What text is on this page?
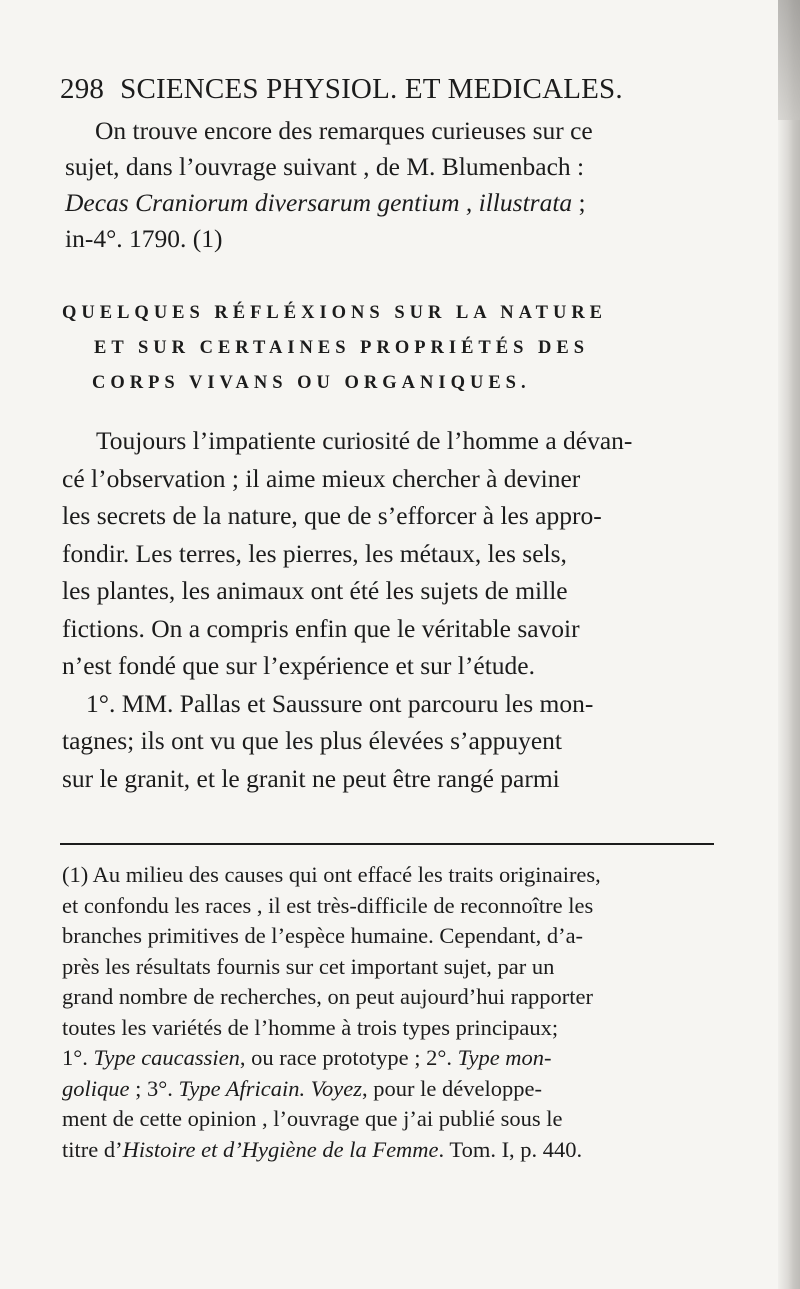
298 SCIENCES PHYSIOL. ET MEDICALES.
On trouve encore des remarques curieuses sur ce
sujet, dans l’ouvrage suivant , de M. Blumenbach :
Decas Craniorum diversarum gentium , illustrata ;
in-4°. 1790. (1)
QUELQUES RÉFLÉXIONS SUR LA NATURE
ET SUR CERTAINES PROPRIÉTÉS DES
CORPS VIVANS OU ORGANIQUES.
Toujours l’impatiente curiosité de l’homme a dévan-
cé l’observation ; il aime mieux chercher à deviner
les secrets de la nature, que de s’efforcer à les appro-
fondir. Les terres, les pierres, les métaux, les sels,
les plantes, les animaux ont été les sujets de mille
fictions. On a compris enfin que le véritable savoir
n’est fondé que sur l’expérience et sur l’étude.
1°. MM. Pallas et Saussure ont parcouru les mon-
tagnes; ils ont vu que les plus élevées s’appuyent
sur le granit, et le granit ne peut être rangé parmi
(1) Au milieu des causes qui ont effacé les traits originaires,
et confondu les races , il est très-difficile de reconnoître les
branches primitives de l’espèce humaine. Cependant, d’a-
près les résultats fournis sur cet important sujet, par un
grand nombre de recherches, on peut aujourd’hui rapporter
toutes les variétés de l’homme à trois types principaux;
1°. Type caucassien, ou race prototype ; 2°. Type mon-
golique ; 3°. Type Africain. Voyez, pour le développe-
ment de cette opinion , l’ouvrage que j’ai publié sous le
titre d’Histoire et d’Hygiène de la Femme. Tom. I, p. 440.
